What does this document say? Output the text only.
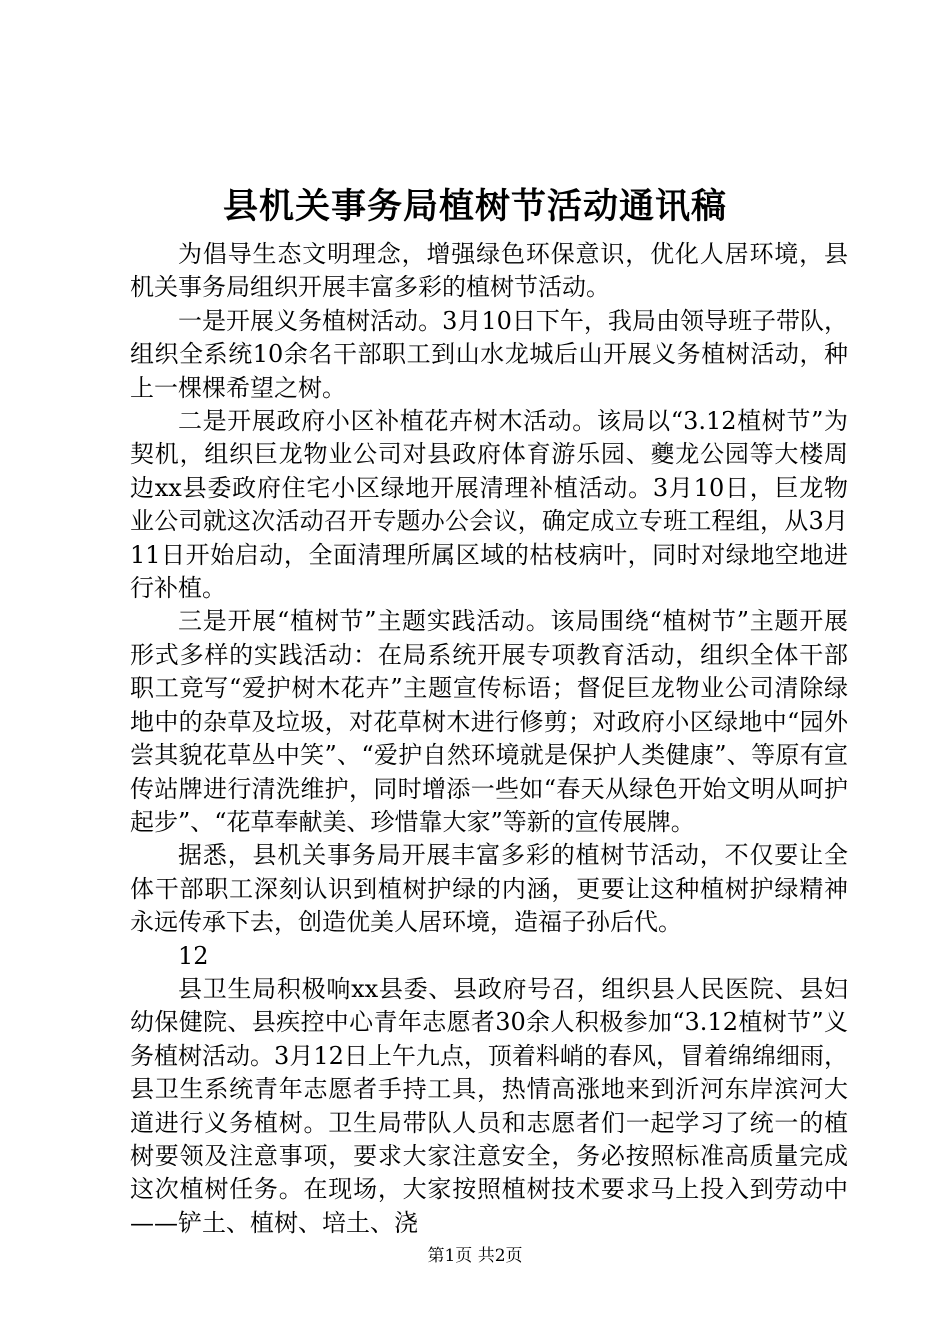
县机关事务局植树节活动通讯稿

为倡导生态文明理念，增强绿色环保意识，优化人居环境，县机关事务局组织开展丰富多彩的植树节活动。

一是开展义务植树活动。3月10日下午，我局由领导班子带队，组织全系统10余名干部职工到山水龙城后山开展义务植树活动，种上一棵棵希望之树。

二是开展政府小区补植花卉树木活动。该局以“3.12植树节”为契机，组织巨龙物业公司对县政府体育游乐园、夔龙公园等大楼周边xx县委政府住宅小区绿地开展清理补植活动。3月10日，巨龙物业公司就这次活动召开专题办公会议，确定成立专班工程组，从3月11日开始启动，全面清理所属区域的枯枝病叶，同时对绿地空地进行补植。

三是开展“植树节”主题实践活动。该局围绕“植树节”主题开展形式多样的实践活动：在局系统开展专项教育活动，组织全体干部职工竞写“爱护树木花卉”主题宣传标语；督促巨龙物业公司清除绿地中的杂草及垃圾，对花草树木进行修剪；对政府小区绿地中“园外尝其貌花草丛中笑”、“爱护自然环境就是保护人类健康”、等原有宣传站牌进行清洗维护，同时增添一些如“春天从绿色开始文明从呵护起步”、“花草奉献美、珍惜靠大家”等新的宣传展牌。

据悉，县机关事务局开展丰富多彩的植树节活动，不仅要让全体干部职工深刻认识到植树护绿的内涵，更要让这种植树护绿精神永远传承下去，创造优美人居环境，造福子孙后代。

12

县卫生局积极响xx县委、县政府号召，组织县人民医院、县妇幼保健院、县疾控中心青年志愿者30余人积极参加“3.12植树节”义务植树活动。3月12日上午九点，顶着料峭的春风，冒着绵绵细雨，县卫生系统青年志愿者手持工具，热情高涨地来到沂河东岸滨河大道进行义务植树。卫生局带队人员和志愿者们一起学习了统一的植树要领及注意事项，要求大家注意安全，务必按照标准高质量完成这次植树任务。在现场，大家按照植树技术要求马上投入到劳动中——铲土、植树、培土、浇

第1页 共2页
